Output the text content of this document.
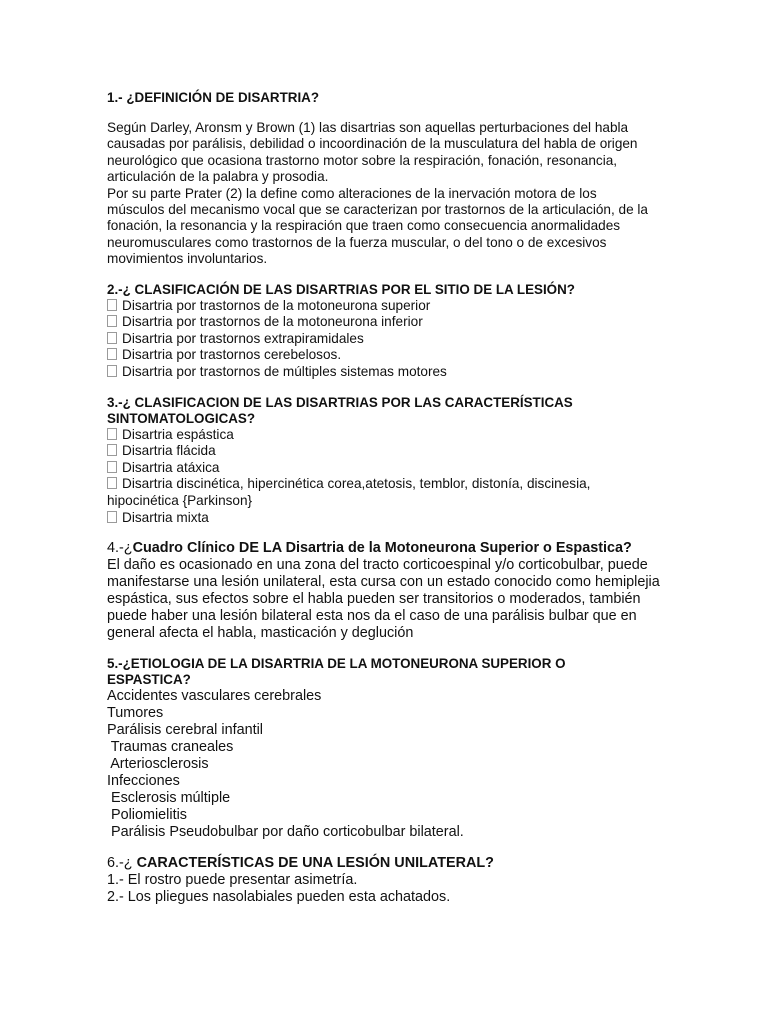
1.- ¿DEFINICIÓN DE DISARTRIA?

Según Darley, Aronsm y Brown (1) las disartrias son aquellas perturbaciones del habla

causadas por parálisis, debilidad o incoordinación de la musculatura del habla de origen

neurológico que ocasiona trastorno motor sobre la respiración, fonación, resonancia,

articulación de la palabra y prosodia.

Por su parte Prater (2) la define como alteraciones de la inervación motora de los

músculos del mecanismo vocal que se caracterizan por trastornos de la articulación, de la

fonación, la resonancia y la respiración que traen como consecuencia anormalidades

neuromusculares como trastornos de la fuerza muscular, o del tono o de excesivos

movimientos involuntarios.

2.-¿ CLASIFICACIÓN DE LAS DISARTRIAS POR EL SITIO DE LA LESIÓN?

Disartria por trastornos de la motoneurona superior

Disartria por trastornos de la motoneurona inferior

Disartria por trastornos extrapiramidales

Disartria por trastornos cerebelosos.

Disartria por trastornos de múltiples sistemas motores

3.-¿ CLASIFICACION DE LAS DISARTRIAS POR LAS CARACTERÍSTICAS

SINTOMATOLOGICAS?

Disartria espástica

Disartria flácida

Disartria atáxica

Disartria discinética, hipercinética corea,atetosis, temblor, distonía, discinesia,

hipocinética {Parkinson}

Disartria mixta

4.-¿Cuadro Clínico DE LA Disartria de la Motoneurona Superior o Espastica?

El daño es ocasionado en una zona del tracto corticoespinal y/o corticobulbar, puede

manifestarse una lesión unilateral, esta cursa con un estado conocido como hemiplejia

espástica, sus efectos sobre el habla pueden ser transitorios o moderados, también

puede haber una lesión bilateral esta nos da el caso de una parálisis bulbar que en

general afecta el habla, masticación y deglución

5.-¿ETIOLOGIA DE LA DISARTRIA DE LA MOTONEURONA SUPERIOR O

ESPASTICA?

Accidentes vasculares cerebrales

Tumores

Parálisis cerebral infantil

Traumas craneales

Arteriosclerosis

Infecciones

Esclerosis múltiple

Poliomielitis

Parálisis Pseudobulbar por daño corticobulbar bilateral.

6.-¿ CARACTERÍSTICAS DE UNA LESIÓN UNILATERAL?

1.- El rostro puede presentar asimetría.

2.- Los pliegues nasolabiales pueden esta achatados.
